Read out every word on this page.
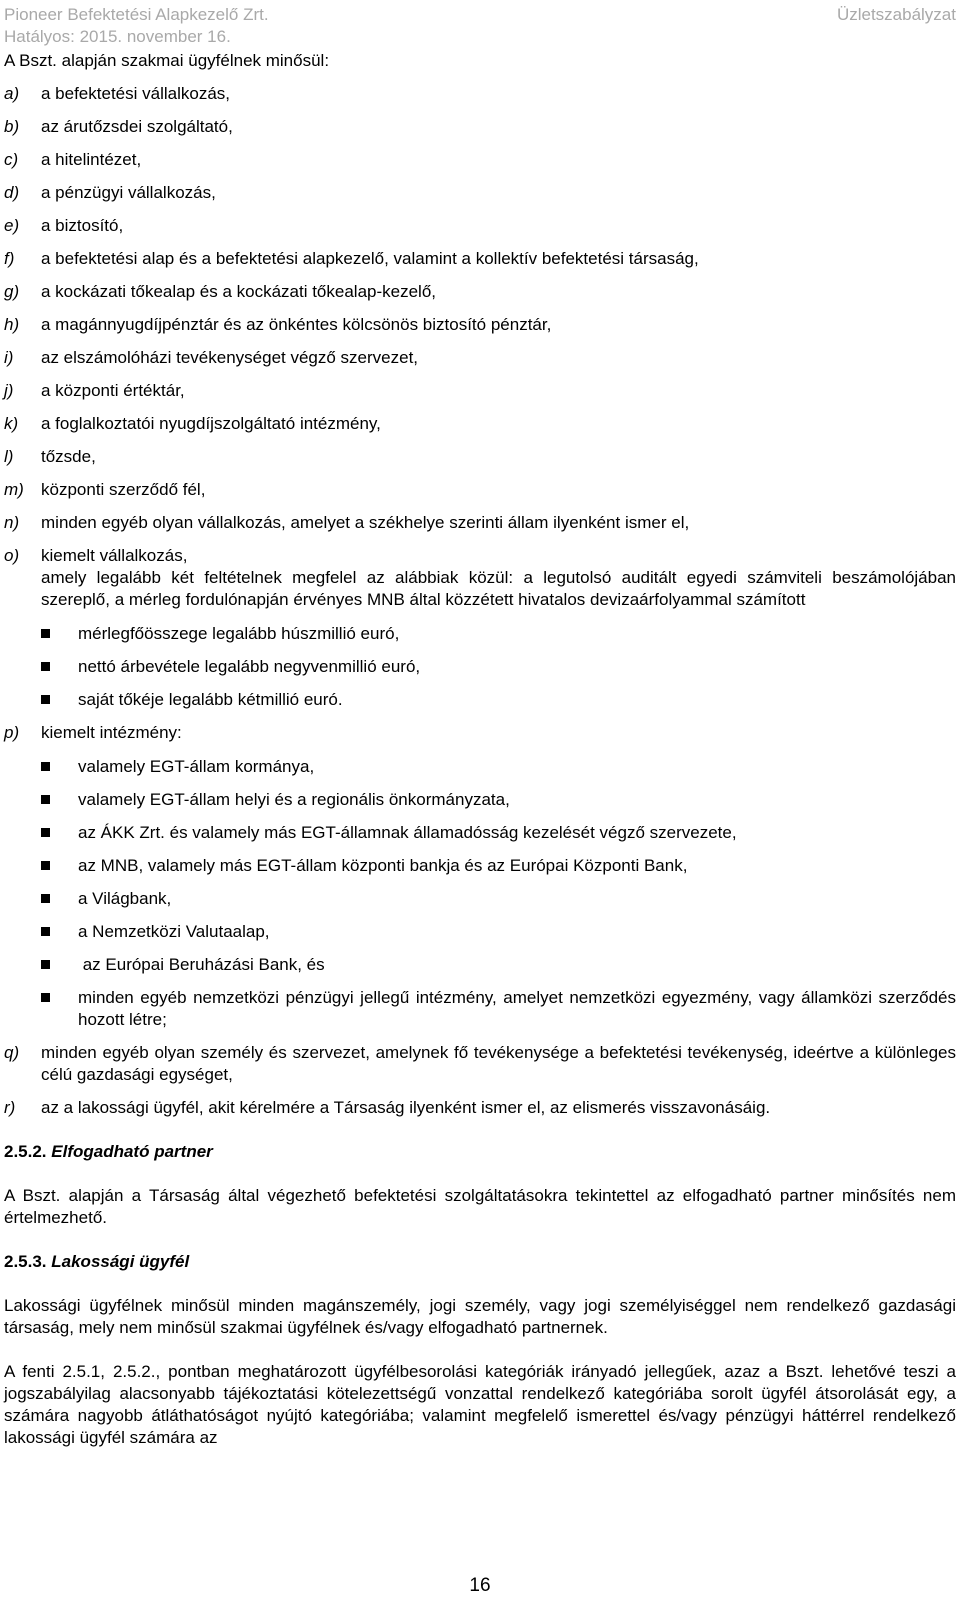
Pioneer Befektetési Alapkezelő Zrt.	Üzletszabályzat
Hatályos: 2015. november 16.

A Bszt. alapján szakmai ügyfélnek minősül:

a) a befektetési vállalkozás,
b) az árutőzsdei szolgáltató,
c) a hitelintézet,
d) a pénzügyi vállalkozás,
e) a biztosító,
f) a befektetési alap és a befektetési alapkezelő, valamint a kollektív befektetési társaság,
g) a kockázati tőkealap és a kockázati tőkealap-kezelő,
h) a magánnyugdíjpénztár és az önkéntes kölcsönös biztosító pénztár,
i) az elszámolóházi tevékenységet végző szervezet,
j) a központi értéktár,
k) a foglalkoztatói nyugdíjszolgáltató intézmény,
l) tőzsde,
m) központi szerződő fél,
n) minden egyéb olyan vállalkozás, amelyet a székhelye szerinti állam ilyenként ismer el,
o) kiemelt vállalkozás,
amely legalább két feltételnek megfelel az alábbiak közül: a legutolsó auditált egyedi számviteli beszámolójában szereplő, a mérleg fordulónapján érvényes MNB által közzétett hivatalos devizaárfolyammal számított
mérlegfőösszege legalább húszmillió euró,
nettó árbevétele legalább negyvenmillió euró,
saját tőkéje legalább kétmillió euró.
p) kiemelt intézmény:
valamely EGT-állam kormánya,
valamely EGT-állam helyi és a regionális önkormányzata,
az ÁKK Zrt. és valamely más EGT-államnak államadósság kezelését végző szervezete,
az MNB, valamely más EGT-állam központi bankja és az Európai Központi Bank,
a Világbank,
a Nemzetközi Valutaalap,
az Európai Beruházási Bank, és
minden egyéb nemzetközi pénzügyi jellegű intézmény, amelyet nemzetközi egyezmény, vagy államközi szerződés hozott létre;
q) minden egyéb olyan személy és szervezet, amelynek fő tevékenysége a befektetési tevékenység, ideértve a különleges célú gazdasági egységet,
r) az a lakossági ügyfél, akit kérelmére a Társaság ilyenként ismer el, az elismerés visszavonásáig.
2.5.2. Elfogadható partner

A Bszt. alapján a Társaság által végezhető befektetési szolgáltatásokra tekintettel az elfogadható partner minősítés nem értelmezhető.

2.5.3. Lakossági ügyfél

Lakossági ügyfélnek minősül minden magánszemély, jogi személy, vagy jogi személyiséggel nem rendelkező gazdasági társaság, mely nem minősül szakmai ügyfélnek és/vagy elfogadható partnernek.

A fenti 2.5.1, 2.5.2., pontban meghatározott ügyfélbesorolási kategóriák irányadó jellegűek, azaz a Bszt. lehetővé teszi a jogszabályilag alacsonyabb tájékoztatási kötelezettségű vonzattal rendelkező kategóriába sorolt ügyfél átsorolását egy, a számára nagyobb átláthatóságot nyújtó kategóriába; valamint megfelelő ismerettel és/vagy pénzügyi háttérrel rendelkező lakossági ügyfél számára az

16
